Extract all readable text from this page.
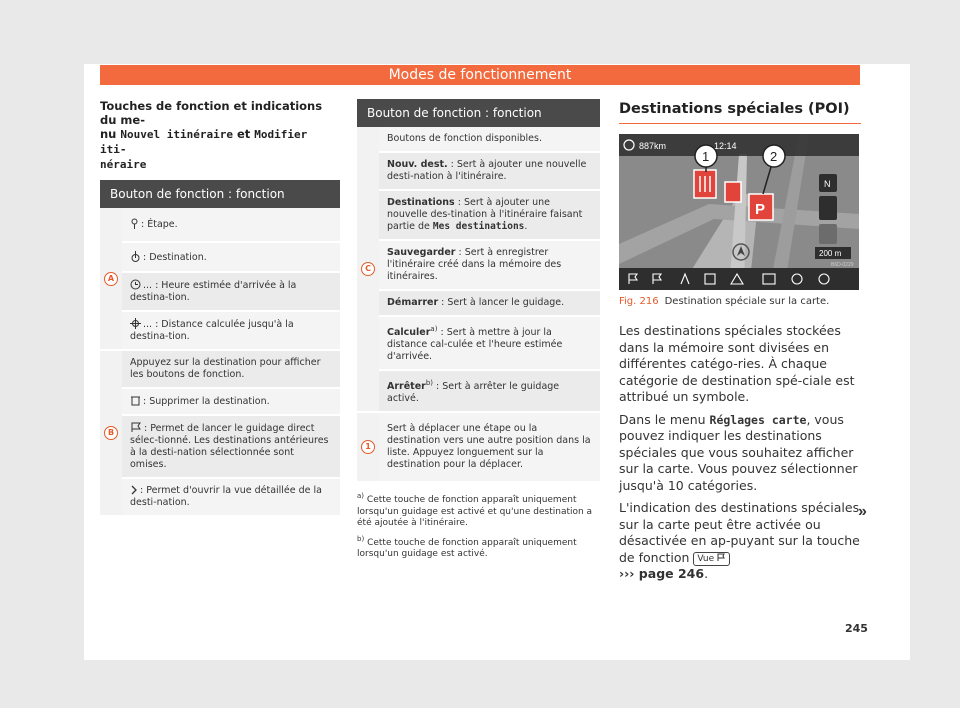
Modes de fonctionnement
Touches de fonction et indications du me-
nu Nouvel itinéraire et Modifier iti-
néraire
Bouton de fonction : fonction	
A	: Étape.
	: Destination.
	... : Heure estimée d'arrivée à la destina-tion.
	... : Distance calculée jusqu'à la destina-tion.
B	Appuyez sur la destination pour afficher les boutons de fonction.
	: Supprimer la destination.
	: Permet de lancer le guidage direct sélec-tionné. Les destinations antérieures à la desti-nation sélectionnée sont omises.
	: Permet d'ouvrir la vue détaillée de la desti-nation.
Bouton de fonction : fonction	
C	Boutons de fonction disponibles.
	Nouv. dest. : Sert à ajouter une nouvelle desti-nation à l'itinéraire.
	Destinations : Sert à ajouter une nouvelle des-tination à l'itinéraire faisant partie de Mes destinations.
	Sauvegarder : Sert à enregistrer l'itinéraire créé dans la mémoire des itinéraires.
	Démarrer : Sert à lancer le guidage.
	Calculer$^{a)}$ : Sert à mettre à jour la distance cal-culée et l'heure estimée d'arrivée.
	Arrêter$^{b)}$ : Sert à arrêter le guidage activé.
1	Sert à déplacer une étape ou la destination vers une autre position dans la liste. Appuyez longuement sur la destination pour la déplacer.

$^{a)}$ Cette touche de fonction apparaît uniquement lorsqu'un guidage est activé et qu'une destination a été ajoutée à l'itinéraire.

$^{b)}$ Cette touche de fonction apparaît uniquement lorsqu'un guidage est activé.

Destinations spéciales (POI)
887km	12:14
P
1	2
N
200 m
B6D-0229
Fig. 216 Destination spéciale sur la carte.

Les destinations spéciales stockées dans la mémoire sont divisées en différentes catégo-ries. À chaque catégorie de destination spé-ciale est attribué un symbole.

Dans le menu Réglages carte, vous pouvez indiquer les destinations spéciales que vous souhaitez afficher sur la carte. Vous pouvez sélectionner jusqu'à 10 catégories.

L'indication des destinations spéciales sur la carte peut être activée ou désactivée en ap-puyant sur la touche de fonction Vue
››› page 246.

»
245
